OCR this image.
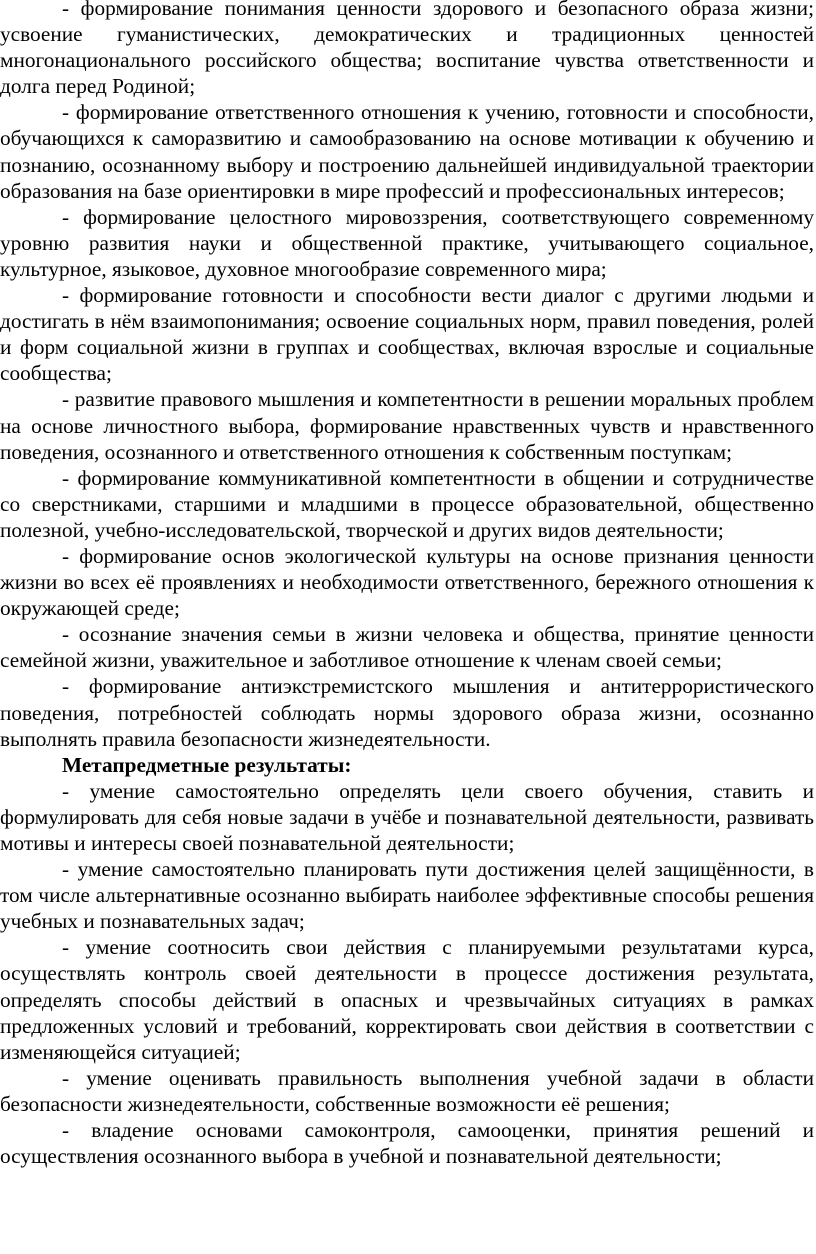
- формирование понимания ценности здорового и безопасного образа жизни; усвоение гуманистических, демократических и традиционных ценностей многонационального российского общества; воспитание чувства ответственности и долга перед Родиной;

- формирование ответственного отношения к учению, готовности и способности, обучающихся к саморазвитию и самообразованию на основе мотивации к обучению и познанию, осознанному выбору и построению дальнейшей индивидуальной траектории образования на базе ориентировки в мире профессий и профессиональных интересов;

- формирование целостного мировоззрения, соответствующего современному уровню развития науки и общественной практике, учитывающего социальное, культурное, языковое, духовное многообразие современного мира;

- формирование готовности и способности вести диалог с другими людьми и достигать в нём взаимопонимания; освоение социальных норм, правил поведения, ролей и форм социальной жизни в группах и сообществах, включая взрослые и социальные сообщества;

- развитие правового мышления и компетентности в решении моральных проблем на основе личностного выбора, формирование нравственных чувств и нравственного поведения, осознанного и ответственного отношения к собственным поступкам;

- формирование коммуникативной компетентности в общении и сотрудничестве со сверстниками, старшими и младшими в процессе образовательной, общественно полезной, учебно-исследовательской, творческой и других видов деятельности;

- формирование основ экологической культуры на основе признания ценности жизни во всех её проявлениях и необходимости ответственного, бережного отношения к окружающей среде;

- осознание значения семьи в жизни человека и общества, принятие ценности семейной жизни, уважительное и заботливое отношение к членам своей семьи;

- формирование антиэкстремистского мышления и антитеррористического поведения, потребностей соблюдать нормы здорового образа жизни, осознанно выполнять правила безопасности жизнедеятельности.

Метапредметные результаты:

- умение самостоятельно определять цели своего обучения, ставить и формулировать для себя новые задачи в учёбе и познавательной деятельности, развивать мотивы и интересы своей познавательной деятельности;

- умение самостоятельно планировать пути достижения целей защищённости, в том числе альтернативные осознанно выбирать наиболее эффективные способы решения учебных и познавательных задач;

- умение соотносить свои действия с планируемыми результатами курса, осуществлять контроль своей деятельности в процессе достижения результата, определять способы действий в опасных и чрезвычайных ситуациях в рамках предложенных условий и требований, корректировать свои действия в соответствии с изменяющейся ситуацией;

- умение оценивать правильность выполнения учебной задачи в области безопасности жизнедеятельности, собственные возможности её решения;

- владение основами самоконтроля, самооценки, принятия решений и осуществления осознанного выбора в учебной и познавательной деятельности;
